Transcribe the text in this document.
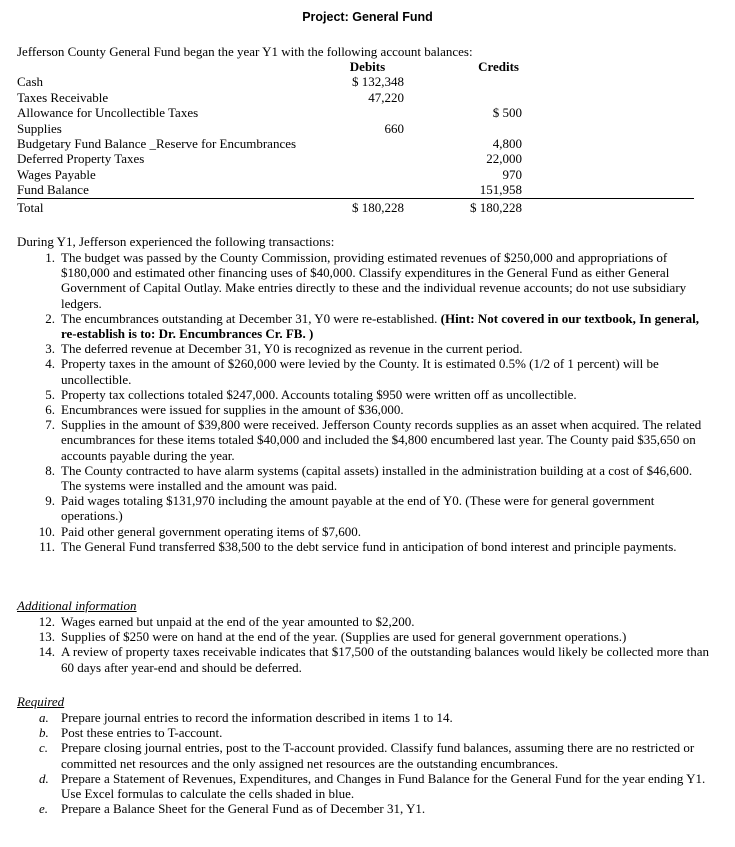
Project: General Fund
Jefferson County General Fund began the year Y1 with the following account balances:
	Debits	Credits
Cash	$ 132,348	
Taxes Receivable	47,220	
Allowance for Uncollectible Taxes		$ 500
Supplies	660	
Budgetary Fund Balance _Reserve for Encumbrances		4,800
Deferred Property Taxes		22,000
Wages Payable		970
Fund Balance		151,958
Total	$ 180,228	$ 180,228
During Y1, Jefferson experienced the following transactions:
1. The budget was passed by the County Commission, providing estimated revenues of $250,000 and appropriations of $180,000 and estimated other financing uses of $40,000. Classify expenditures in the General Fund as either General Government of Capital Outlay. Make entries directly to these and the individual revenue accounts; do not use subsidiary ledgers.
2. The encumbrances outstanding at December 31, Y0 were re-established. (Hint: Not covered in our textbook, In general, re-establish is to: Dr. Encumbrances Cr. FB. )
3. The deferred revenue at December 31, Y0 is recognized as revenue in the current period.
4. Property taxes in the amount of $260,000 were levied by the County. It is estimated 0.5% (1/2 of 1 percent) will be uncollectible.
5. Property tax collections totaled $247,000. Accounts totaling $950 were written off as uncollectible.
6. Encumbrances were issued for supplies in the amount of $36,000.
7. Supplies in the amount of $39,800 were received. Jefferson County records supplies as an asset when acquired. The related encumbrances for these items totaled $40,000 and included the $4,800 encumbered last year. The County paid $35,650 on accounts payable during the year.
8. The County contracted to have alarm systems (capital assets) installed in the administration building at a cost of $46,600. The systems were installed and the amount was paid.
9. Paid wages totaling $131,970 including the amount payable at the end of Y0. (These were for general government operations.)
10. Paid other general government operating items of $7,600.
11. The General Fund transferred $38,500 to the debt service fund in anticipation of bond interest and principle payments.
Additional information
12. Wages earned but unpaid at the end of the year amounted to $2,200.
13. Supplies of $250 were on hand at the end of the year. (Supplies are used for general government operations.)
14. A review of property taxes receivable indicates that $17,500 of the outstanding balances would likely be collected more than 60 days after year-end and should be deferred.
Required
a. Prepare journal entries to record the information described in items 1 to 14.
b. Post these entries to T-account.
c. Prepare closing journal entries, post to the T-account provided. Classify fund balances, assuming there are no restricted or committed net resources and the only assigned net resources are the outstanding encumbrances.
d. Prepare a Statement of Revenues, Expenditures, and Changes in Fund Balance for the General Fund for the year ending Y1. Use Excel formulas to calculate the cells shaded in blue.
e. Prepare a Balance Sheet for the General Fund as of December 31, Y1.
